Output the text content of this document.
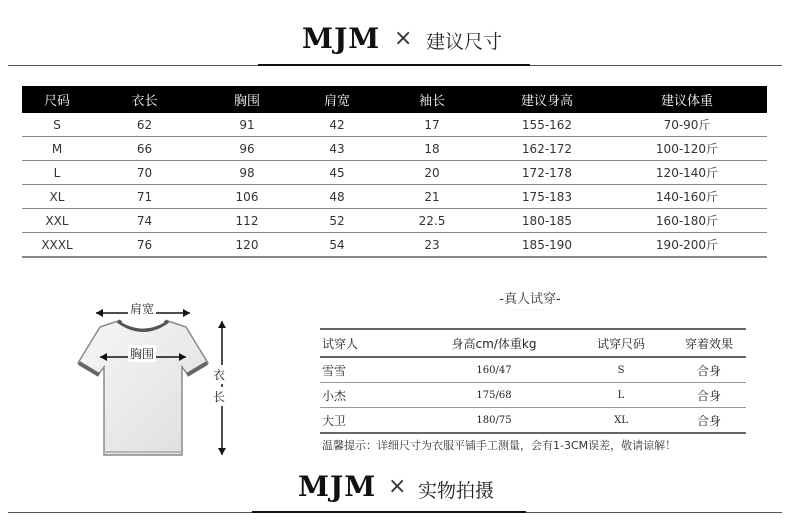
MJM × 建议尺寸
尺码	衣长	胸围	肩宽	袖长	建议身高	建议体重
S	62	91	42	17	155-162	70-90斤
M	66	96	43	18	162-172	100-120斤
L	70	98	45	20	172-178	120-140斤
XL	71	106	48	21	175-183	140-160斤
XXL	74	112	52	22.5	180-185	160-180斤
XXXL	76	120	54	23	185-190	190-200斤
肩宽
胸围
衣
长
-真人试穿-
·········
试穿人	身高cm/体重kg	试穿尺码	穿着效果
雪雪	160/47	S	合身
小杰	175/68	L	合身
大卫	180/75	XL	合身
温馨提示：详细尺寸为衣服平铺手工测量，会有1-3CM误差，敬请谅解！
MJM × 实物拍摄
